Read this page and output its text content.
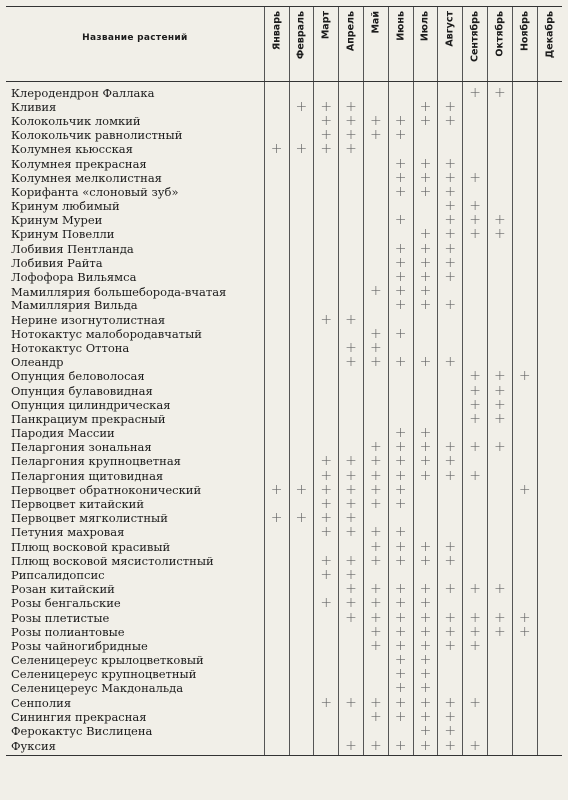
Название растений	Январь	Февраль	Март	Апрель	Май	Июнь	Июль	Август	Сентябрь	Октябрь	Ноябрь	Декабрь

Клеродендрон Фаллака									+	+		

Кливия		+	+	+			+	+				

Колокольчик ломкий			+	+	+	+	+	+				

Колокольчик равнолистный			+	+	+	+						

Колумнея кьюсская	+	+	+	+								

Колумнея прекрасная						+	+	+				

Колумнея мелколистная						+	+	+	+			

Корифанта «слоновый зуб»						+	+	+				

Кринум любимый								+	+			

Кринум Муреи						+		+	+	+		

Кринум Повелли							+	+	+	+		

Лобивия Пентланда						+	+	+				

Лобивия Райта						+	+	+				

Лофофора Вильямса						+	+	+				

Мамиллярия большеборода-вчатая					+	+	+					

Мамиллярия Вильда						+	+	+				

Нерине изогнутолистная			+	+								

Нотокактус малобородавчатый					+	+						

Нотокактус Оттона				+	+							

Олеандр				+	+	+	+	+				

Опунция беловолосая									+	+	+	

Опунция булавовидная									+	+		

Опунция цилиндрическая									+	+		

Панкрациум прекрасный									+	+		

Пародия Массии						+	+					

Пеларгония зональная					+	+	+	+	+	+		

Пеларгония крупноцветная			+	+	+	+	+	+				

Пеларгония щитовидная			+	+	+	+	+	+	+			

Первоцвет обратноконический	+	+	+	+	+	+					+	

Первоцвет китайский			+	+	+	+						

Первоцвет мягколистный	+	+	+	+								

Петуния махровая			+	+	+	+						

Плющ восковой красивый					+	+	+	+				

Плющ восковой мясистолистный			+	+	+	+	+	+				

Рипсалидопсис			+	+								

Розан китайский				+	+	+	+	+	+	+		

Розы бенгальские			+	+	+	+	+					

Розы плетистые				+	+	+	+	+	+	+	+	

Розы полиантовые					+	+	+	+	+	+	+	

Розы чайногибридные					+	+	+	+	+			

Селеницереус крылоцветковый						+	+					

Селеницереус крупноцветный						+	+					

Селеницереус Макдональда						+	+					

Сенполия			+	+	+	+	+	+	+			

Синингия прекрасная					+	+	+	+				

Ферокактус Вислицена							+	+				

Фуксия				+	+	+	+	+	+			
